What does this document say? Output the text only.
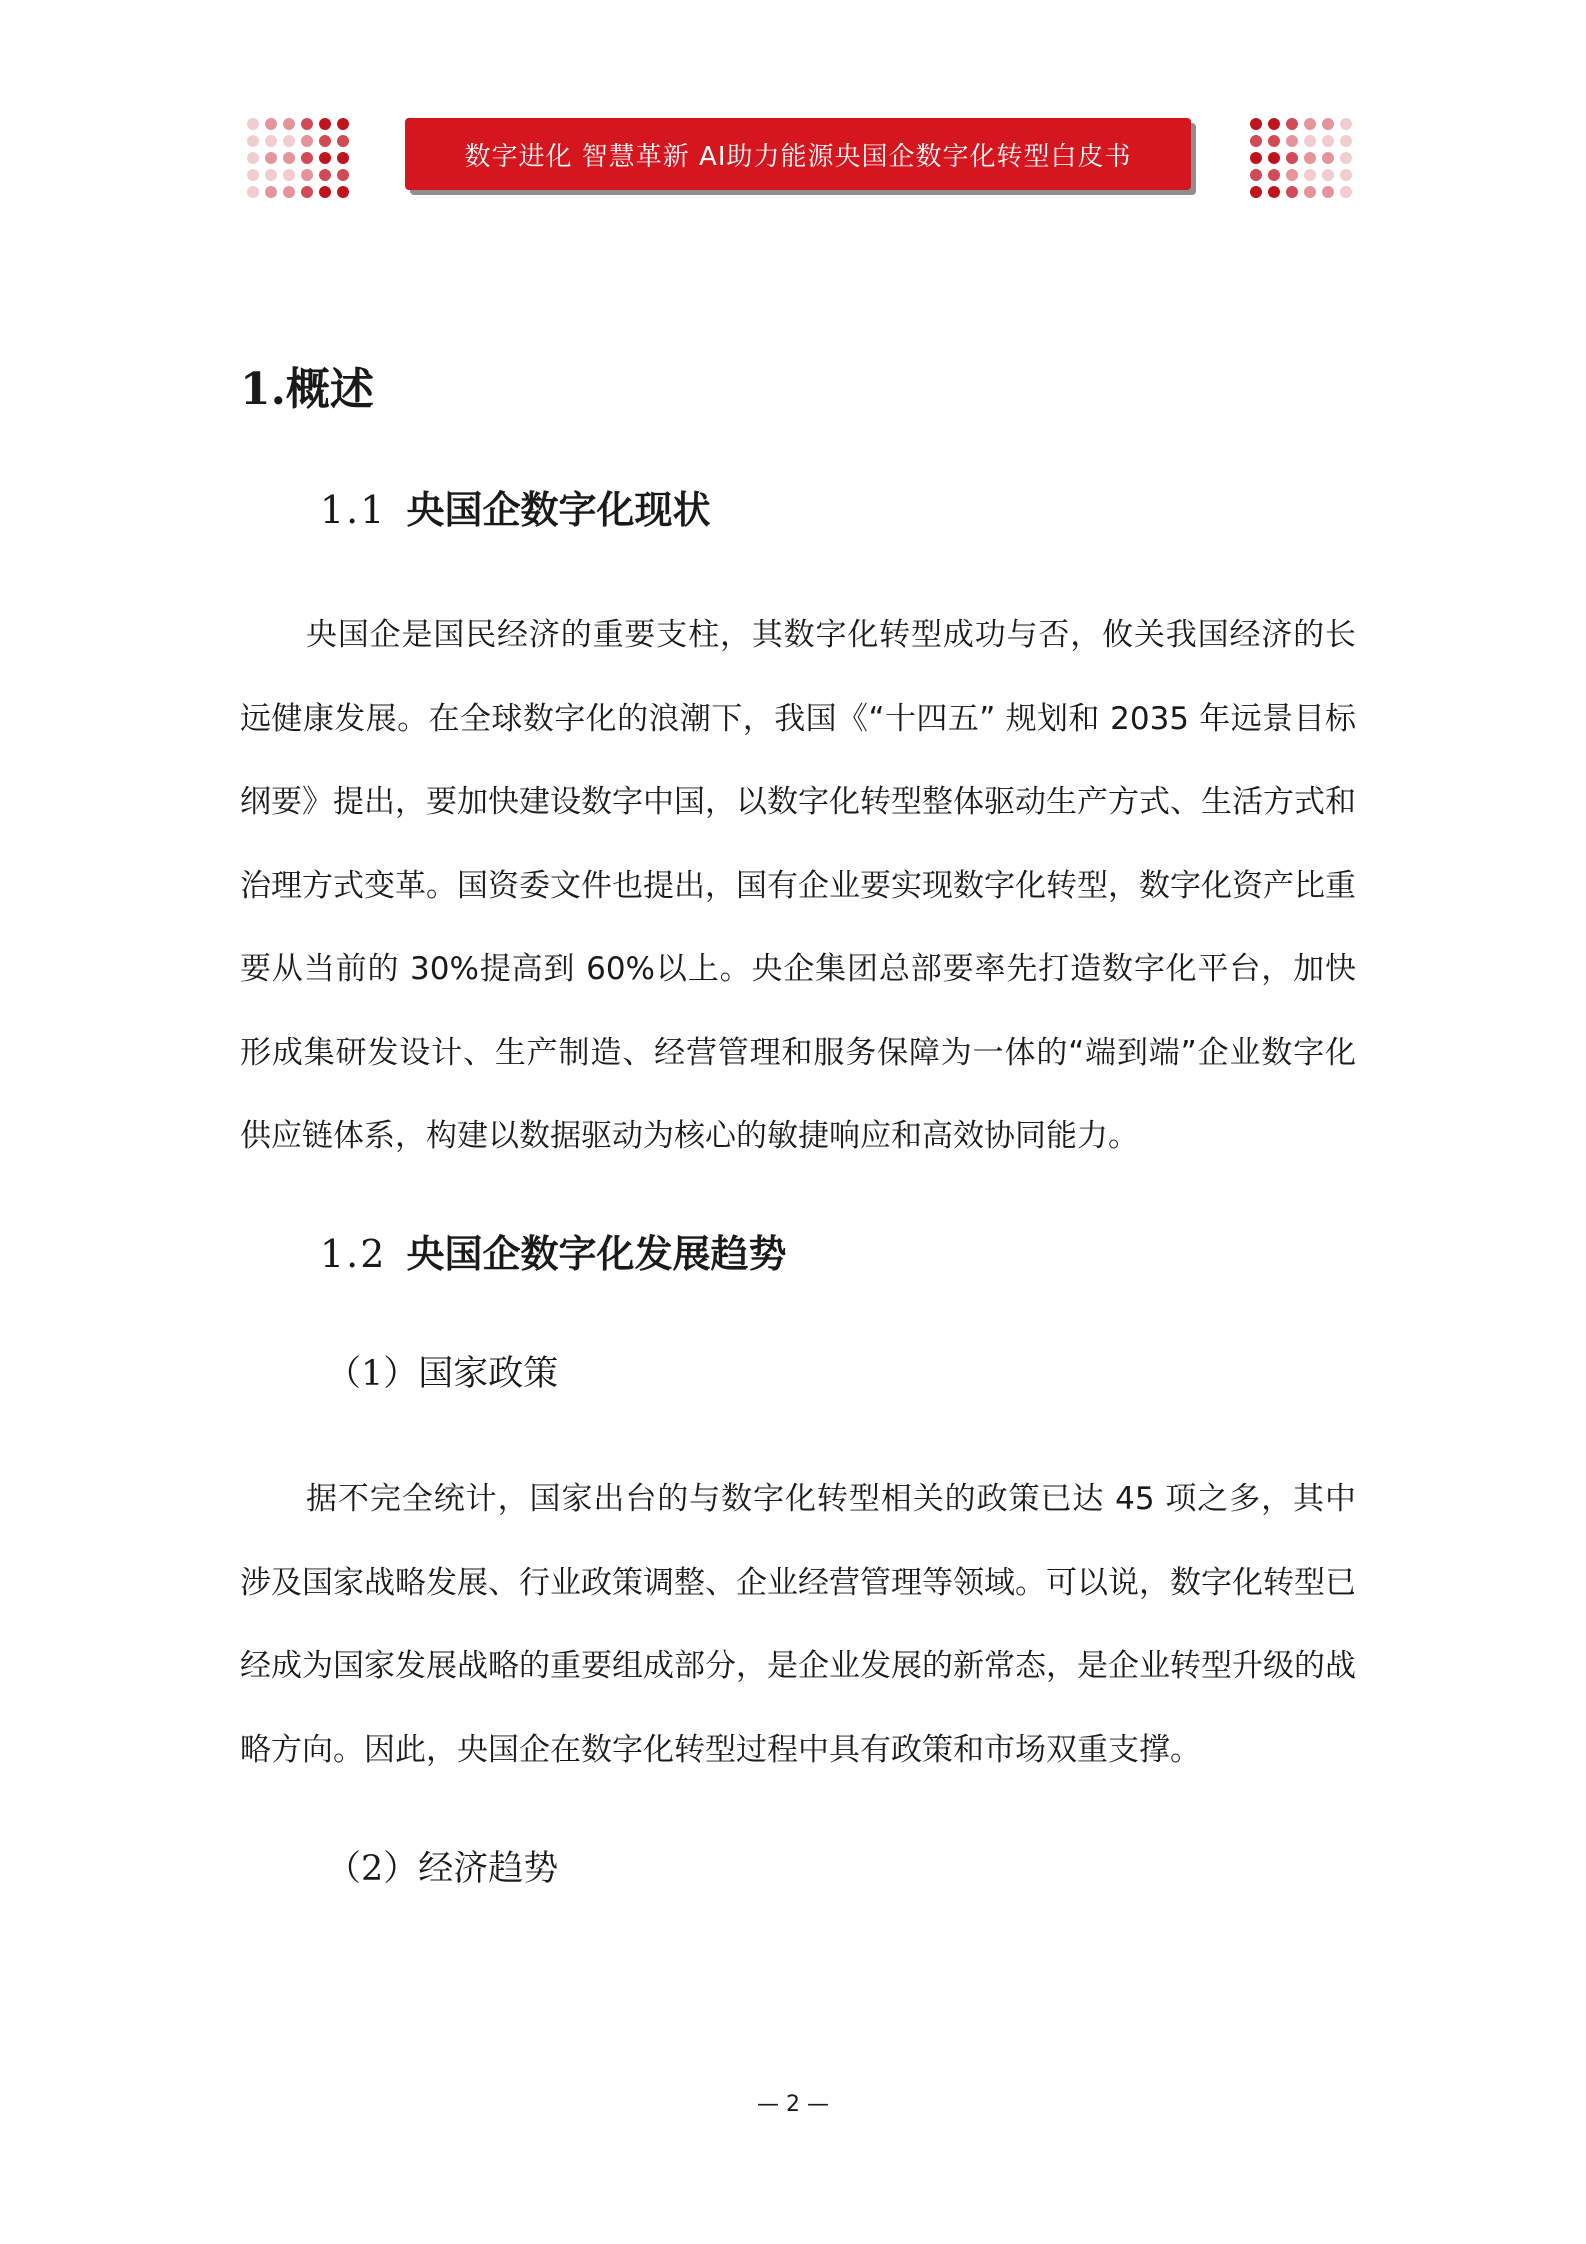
数字进化 智慧革新 AI助力能源央国企数字化转型白皮书
1.概述
1.1 央国企数字化现状

央国企是国民经济的重要支柱，其数字化转型成功与否，攸关我国经济的长远健康发展。在全球数字化的浪潮下，我国《“十四五” 规划和 2035 年远景目标纲要》提出，要加快建设数字中国，以数字化转型整体驱动生产方式、生活方式和治理方式变革。国资委文件也提出，国有企业要实现数字化转型，数字化资产比重要从当前的 30%提高到 60%以上。央企集团总部要率先打造数字化平台，加快形成集研发设计、生产制造、经营管理和服务保障为一体的“端到端”企业数字化供应链体系，构建以数据驱动为核心的敏捷响应和高效协同能力。

1.2 央国企数字化发展趋势
（1）国家政策

据不完全统计，国家出台的与数字化转型相关的政策已达 45 项之多，其中涉及国家战略发展、行业政策调整、企业经营管理等领域。可以说，数字化转型已经成为国家发展战略的重要组成部分，是企业发展的新常态，是企业转型升级的战略方向。因此，央国企在数字化转型过程中具有政策和市场双重支撑。

（2）经济趋势
— 2 —
